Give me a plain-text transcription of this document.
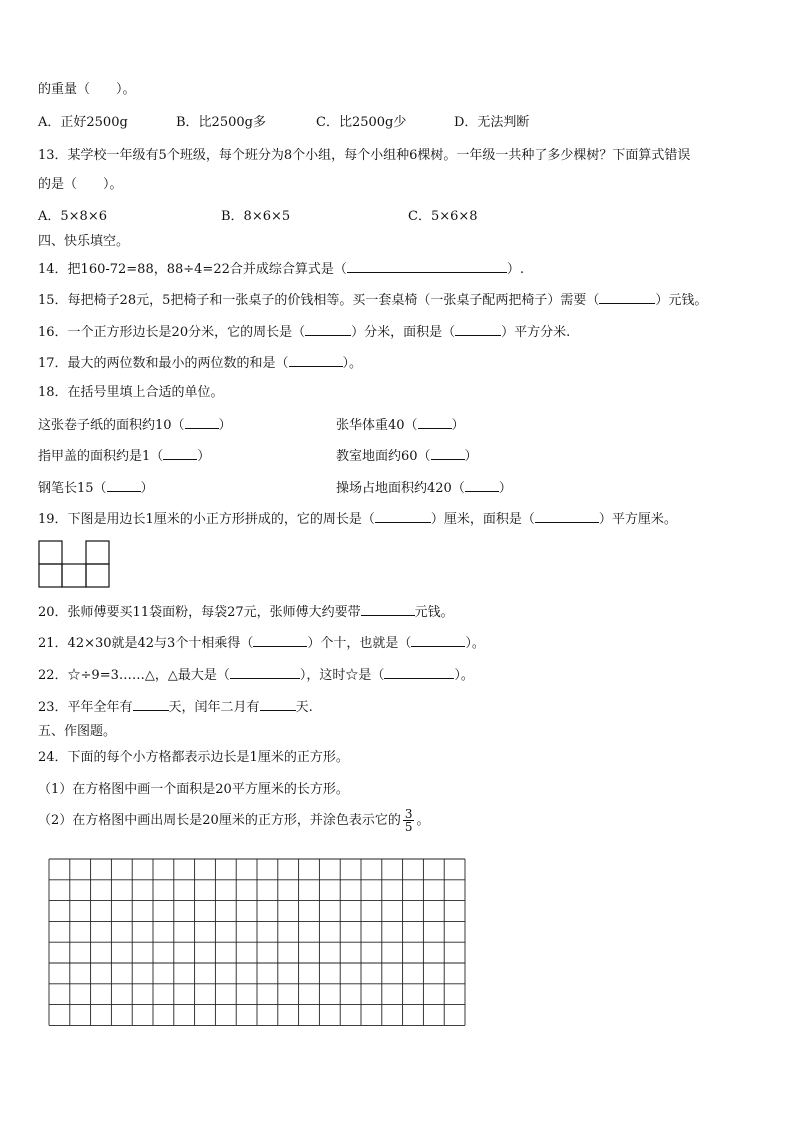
的重量（　　）。
A．正好2500g	B．比2500g多	C．比2500g少	D．无法判断
13．某学校一年级有5个班级，每个班分为8个小组，每个小组种6棵树。一年级一共种了多少棵树？下面算式错误
的是（　　）。
A．5×8×6	B．8×6×5	C．5×6×8
四、快乐填空。
14．把160-72=88，88÷4=22合并成综合算式是（	）.
15．每把椅子28元，5把椅子和一张桌子的价钱相等。买一套桌椅（一张桌子配两把椅子）需要（	）元钱。
16．一个正方形边长是20分米，它的周长是（	）分米，面积是（	）平方分米.
17．最大的两位数和最小的两位数的和是（	）。
18．在括号里填上合适的单位。
这张卷子纸的面积约10（	）	张华体重40（	）
指甲盖的面积约是1（	）	教室地面约60（	）
钢笔长15（	）	操场占地面积约420（	）
19．下图是用边长1厘米的小正方形拼成的，它的周长是（	）厘米，面积是（	）平方厘米。
20．张师傅要买11袋面粉，每袋27元，张师傅大约要带	元钱。
21．42×30就是42与3个十相乘得（	）个十，也就是（	）。
22．☆÷9=3……△，△最大是（	），这时☆是（	）。
23．平年全年有	天，闰年二月有	天.
五、作图题。
24．下面的每个小方格都表示边长是1厘米的正方形。
（1）在方格图中画一个面积是20平方厘米的长方形。
（2）在方格图中画出周长是20厘米的正方形，并涂色表示它的 $\frac{3}{5}$ 。
